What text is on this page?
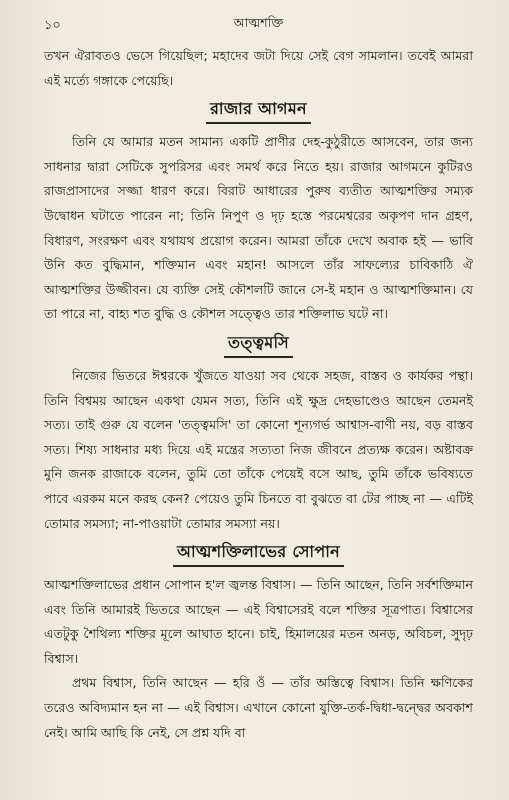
১০	আত্মশক্তি

তখন ঐরাবতও ভেসে গিয়েছিল; মহাদেব জটা দিয়ে সেই বেগ সামলান। তবেই আমরা এই মর্ত্যে গঙ্গাকে পেয়েছি।

রাজার আগমন

তিনি যে আমার মতন সামান্য একটি প্রাণীর দেহ-কুঠুরীতে আসবেন, তার জন্য সাধনার দ্বারা সেটিকে সুপরিসর এবং সমর্থ করে নিতে হয়। রাজার আগমনে কুটিরও রাজপ্রাসাদের সজ্জা ধারণ করে। বিরাট আধারের পুরুষ ব্যতীত আত্মশক্তির সম্যক উদ্বোধন ঘটাতে পারেন না; তিনি নিপুণ ও দৃঢ় হস্তে পরমেশ্বরের অকৃপণ দান গ্রহণ, বিধারণ, সংরক্ষণ এবং যথাযথ প্রয়োগ করেন। আমরা তাঁকে দেখে অবাক হই — ভাবি উনি কত বুদ্ধিমান, শক্তিমান এবং মহান! আসলে তাঁর সাফল্যের চাবিকাঠি ঐ আত্মশক্তির উজ্জীবন। যে ব্যক্তি সেই কৌশলটি জানে সে-ই মহান ও আত্মশক্তিমান। যে তা পারে না, বাহ্য শত বুদ্ধি ও কৌশল সত্ত্বেও তার শক্তিলাভ ঘটে না।

তত্ত্বমসি

নিজের ভিতরে ঈশ্বরকে খুঁজতে যাওয়া সব থেকে সহজ, বাস্তব ও কার্যকর পন্থা। তিনি বিশ্বময় আছেন একথা যেমন সত্য, তিনি এই ক্ষুদ্র দেহভাণ্ডেও আছেন তেমনই সত্য। তাই গুরু যে বলেন 'তত্ত্বমসি' তা কোনো শূন্যগর্ভ আশ্বাস-বাণী নয়, বড় বাস্তব সত্য। শিষ্য সাধনার মধ্য দিয়ে এই মন্ত্রের সত্যতা নিজ জীবনে প্রত্যক্ষ করেন। অষ্টাবক্র মুনি জনক রাজাকে বলেন, তুমি তো তাঁকে পেয়েই বসে আছ, তুমি তাঁকে ভবিষ্যতে পাবে এরকম মনে করছ কেন? পেয়েও তুমি চিনতে বা বুঝতে বা টের পাচ্ছ না — এটিই তোমার সমস্যা; না-পাওয়াটা তোমার সমস্যা নয়।

আত্মশক্তিলাভের সোপান

আত্মশক্তিলাভের প্রধান সোপান হ'ল জ্বলন্ত বিশ্বাস। — তিনি আছেন, তিনি সর্বশক্তিমান এবং তিনি আমারই ভিতরে আছেন — এই বিশ্বাসেরই বলে শক্তির সূত্রপাত। বিশ্বাসের এতটুকু শৈথিল্য শক্তির মূলে আঘাত হানে। চাই, হিমালয়ের মতন অনড়, অবিচল, সুদৃঢ় বিশ্বাস।

প্রথম বিশ্বাস, তিনি আছেন — হরি ওঁ — তাঁর অস্তিত্বে বিশ্বাস। তিনি ক্ষণিকের তরেও অবিদ্যমান হন না — এই বিশ্বাস। এখানে কোনো যুক্তি-তর্ক-দ্বিধা-দ্বন্দ্বের অবকাশ নেই। আমি আছি কি নেই, সে প্রশ্ন যদি বা
